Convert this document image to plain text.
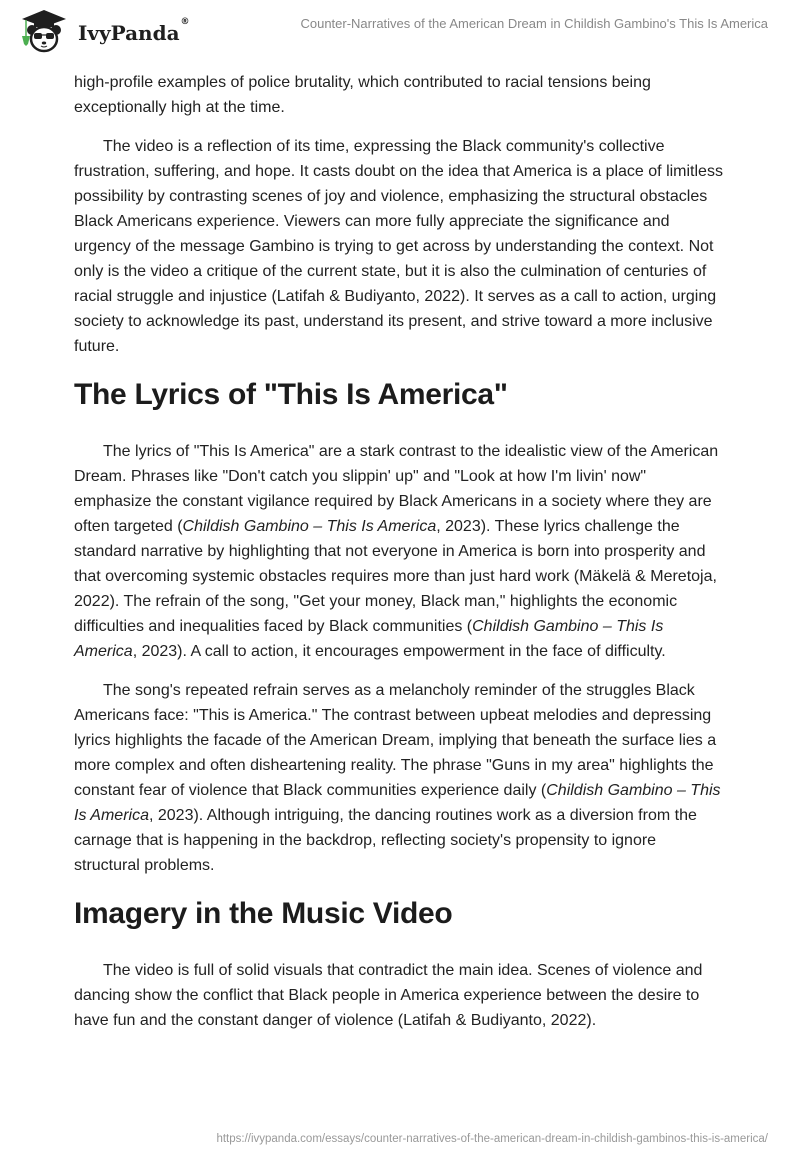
IvyPanda®	Counter-Narratives of the American Dream in Childish Gambino's This Is America

high-profile examples of police brutality, which contributed to racial tensions being exceptionally high at the time.

The video is a reflection of its time, expressing the Black community's collective frustration, suffering, and hope. It casts doubt on the idea that America is a place of limitless possibility by contrasting scenes of joy and violence, emphasizing the structural obstacles Black Americans experience. Viewers can more fully appreciate the significance and urgency of the message Gambino is trying to get across by understanding the context. Not only is the video a critique of the current state, but it is also the culmination of centuries of racial struggle and injustice (Latifah & Budiyanto, 2022). It serves as a call to action, urging society to acknowledge its past, understand its present, and strive toward a more inclusive future.

The Lyrics of "This Is America"

The lyrics of "This Is America" are a stark contrast to the idealistic view of the American Dream. Phrases like "Don't catch you slippin' up" and "Look at how I'm livin' now" emphasize the constant vigilance required by Black Americans in a society where they are often targeted (Childish Gambino – This Is America, 2023). These lyrics challenge the standard narrative by highlighting that not everyone in America is born into prosperity and that overcoming systemic obstacles requires more than just hard work (Mäkelä & Meretoja, 2022). The refrain of the song, "Get your money, Black man," highlights the economic difficulties and inequalities faced by Black communities (Childish Gambino – This Is America, 2023). A call to action, it encourages empowerment in the face of difficulty.

The song's repeated refrain serves as a melancholy reminder of the struggles Black Americans face: "This is America." The contrast between upbeat melodies and depressing lyrics highlights the facade of the American Dream, implying that beneath the surface lies a more complex and often disheartening reality. The phrase "Guns in my area" highlights the constant fear of violence that Black communities experience daily (Childish Gambino – This Is America, 2023). Although intriguing, the dancing routines work as a diversion from the carnage that is happening in the backdrop, reflecting society's propensity to ignore structural problems.

Imagery in the Music Video

The video is full of solid visuals that contradict the main idea. Scenes of violence and dancing show the conflict that Black people in America experience between the desire to have fun and the constant danger of violence (Latifah & Budiyanto, 2022).

https://ivypanda.com/essays/counter-narratives-of-the-american-dream-in-childish-gambinos-this-is-america/
